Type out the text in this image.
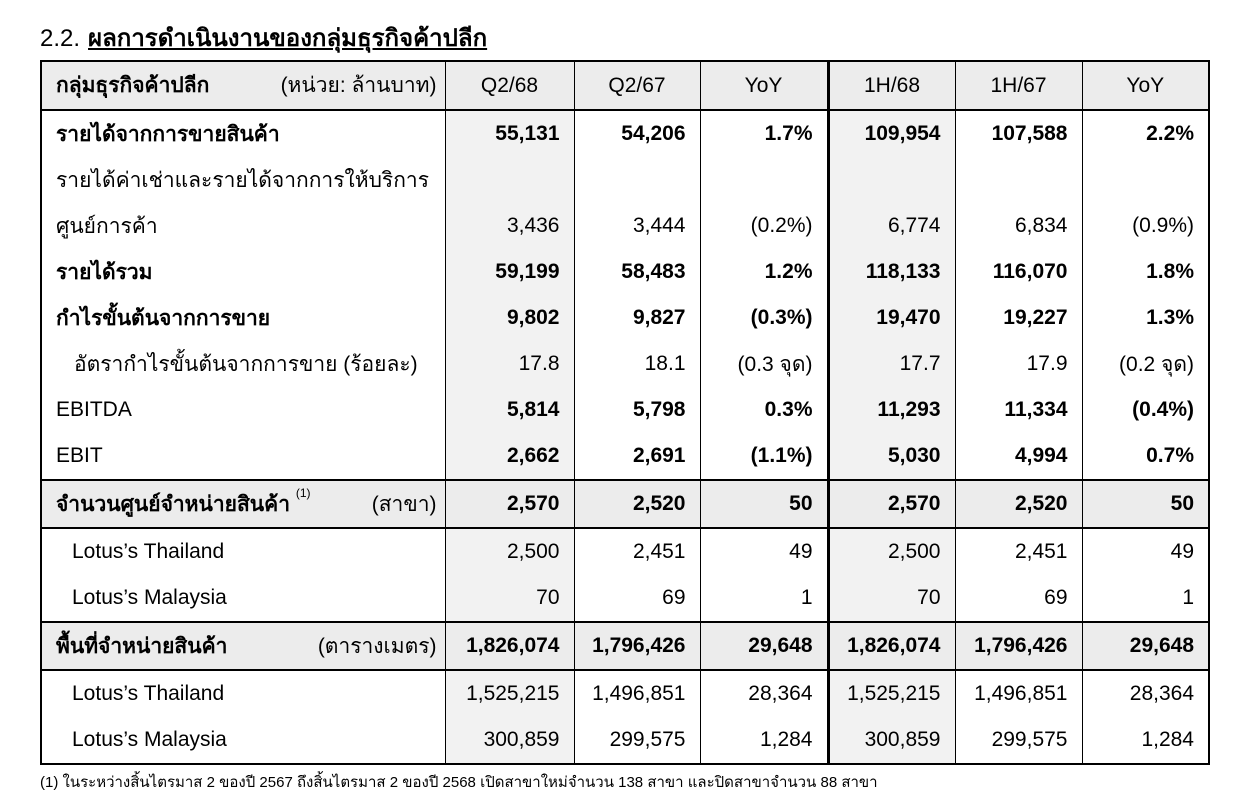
2.2. ผลการดำเนินงานของกลุ่มธุรกิจค้าปลีก
กลุ่มธุรกิจค้าปลีก (หน่วย: ล้านบาท)	Q2/68	Q2/67	YoY	1H/68	1H/67	YoY
รายได้จากการขายสินค้า	55,131	54,206	1.7%	109,954	107,588	2.2%
รายได้ค่าเช่าและรายได้จากการให้บริการ						
ศูนย์การค้า	3,436	3,444	(0.2%)	6,774	6,834	(0.9%)
รายได้รวม	59,199	58,483	1.2%	118,133	116,070	1.8%
กำไรขั้นต้นจากการขาย	9,802	9,827	(0.3%)	19,470	19,227	1.3%
อัตรากำไรขั้นต้นจากการขาย (ร้อยละ)	17.8	18.1	(0.3 จุด)	17.7	17.9	(0.2 จุด)
EBITDA	5,814	5,798	0.3%	11,293	11,334	(0.4%)
EBIT	2,662	2,691	(1.1%)	5,030	4,994	0.7%
จำนวนศูนย์จำหน่ายสินค้า $^{(1)}$ (สาขา)	2,570	2,520	50	2,570	2,520	50
Lotus’s Thailand	2,500	2,451	49	2,500	2,451	49
Lotus’s Malaysia	70	69	1	70	69	1
พื้นที่จำหน่ายสินค้า (ตารางเมตร)	1,826,074	1,796,426	29,648	1,826,074	1,796,426	29,648
Lotus’s Thailand	1,525,215	1,496,851	28,364	1,525,215	1,496,851	28,364
Lotus’s Malaysia	300,859	299,575	1,284	300,859	299,575	1,284
(1) ในระหว่างสิ้นไตรมาส 2 ของปี 2567 ถึงสิ้นไตรมาส 2 ของปี 2568 เปิดสาขาใหม่จำนวน 138 สาขา และปิดสาขาจำนวน 88 สาขา
